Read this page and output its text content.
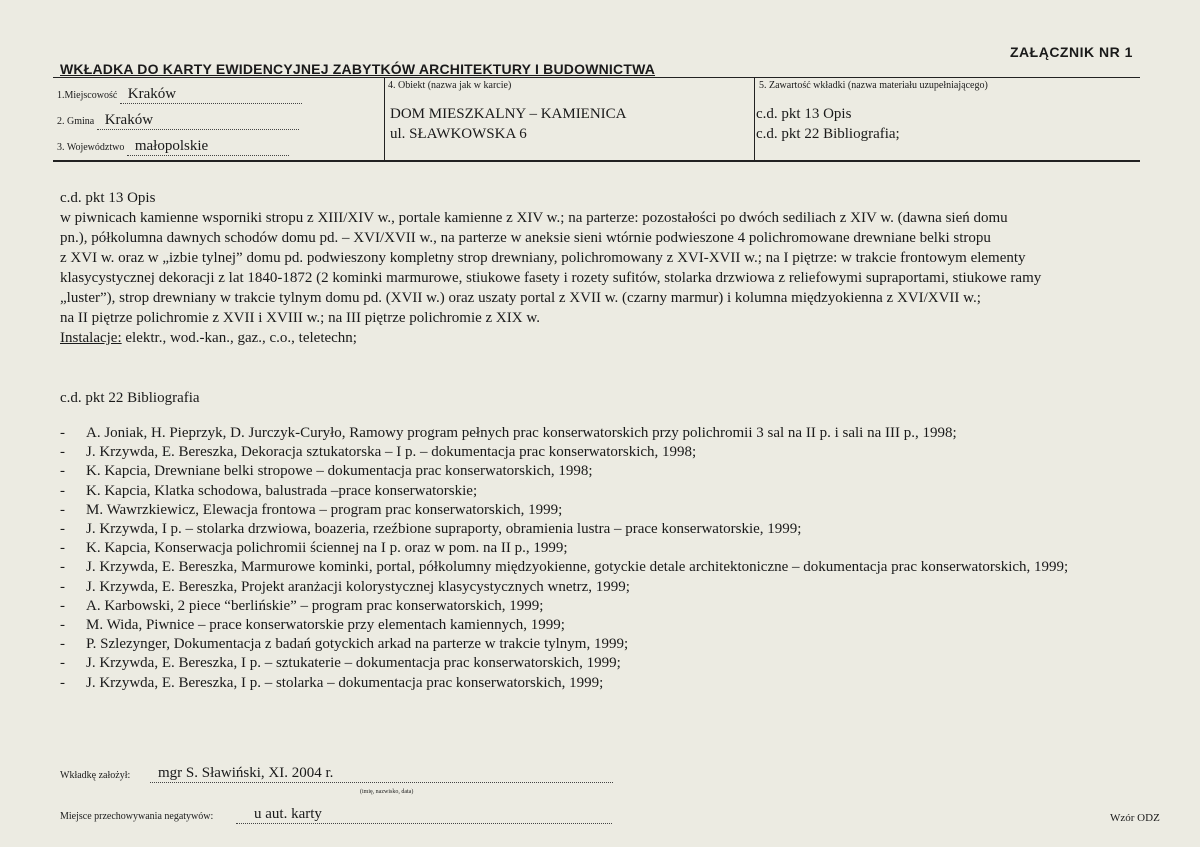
ZAŁĄCZNIK NR 1
WKŁADKA DO KARTY EWIDENCYJNEJ ZABYTKÓW ARCHITEKTURY I BUDOWNICTWA
1.Miejscowość Kraków
2. Gmina Kraków
3. Województwo małopolskie
4. Obiekt (nazwa jak w karcie)
DOM MIESZKALNY – KAMIENICA
ul. SŁAWKOWSKA 6
5. Zawartość wkładki (nazwa materiału uzupełniającego)
c.d. pkt 13 Opis
c.d. pkt 22 Bibliografia;
c.d. pkt 13 Opis
w piwnicach kamienne wsporniki stropu z XIII/XIV w., portale kamienne z XIV w.; na parterze: pozostałości po dwóch sediliach z XIV w. (dawna sień domu
pn.), półkolumna dawnych schodów domu pd. – XVI/XVII w., na parterze w aneksie sieni wtórnie podwieszone 4 polichromowane drewniane belki stropu
z XVI w. oraz w „izbie tylnej” domu pd. podwieszony kompletny strop drewniany, polichromowany z XVI-XVII w.; na I piętrze: w trakcie frontowym elementy
klasycystycznej dekoracji z lat 1840-1872 (2 kominki marmurowe, stiukowe fasety i rozety sufitów, stolarka drzwiowa z reliefowymi supraportami, stiukowe ramy
„luster”), strop drewniany w trakcie tylnym domu pd. (XVII w.) oraz uszaty portal z XVII w. (czarny marmur) i kolumna międzyokienna z XVI/XVII w.;
na II piętrze polichromie z XVII i XVIII w.; na III piętrze polichromie z XIX w.
Instalacje: elektr., wod.-kan., gaz., c.o., teletechn;
c.d. pkt 22 Bibliografia
- A. Joniak, H. Pieprzyk, D. Jurczyk-Curyło, Ramowy program pełnych prac konserwatorskich przy polichromii 3 sal na II p. i sali na III p., 1998;
- J. Krzywda, E. Bereszka, Dekoracja sztukatorska – I p. – dokumentacja prac konserwatorskich, 1998;
- K. Kapcia, Drewniane belki stropowe – dokumentacja prac konserwatorskich, 1998;
- K. Kapcia, Klatka schodowa, balustrada –prace konserwatorskie;
- M. Wawrzkiewicz, Elewacja frontowa – program prac konserwatorskich, 1999;
- J. Krzywda, I p. – stolarka drzwiowa, boazeria, rzeźbione supraporty, obramienia lustra – prace konserwatorskie, 1999;
- K. Kapcia, Konserwacja polichromii ściennej na I p. oraz w pom. na II p., 1999;
- J. Krzywda, E. Bereszka, Marmurowe kominki, portal, półkolumny międzyokienne, gotyckie detale architektoniczne – dokumentacja prac konserwatorskich, 1999;
- J. Krzywda, E. Bereszka, Projekt aranżacji kolorystycznej klasycystycznych wnetrz, 1999;
- A. Karbowski, 2 piece “berlińskie” – program prac konserwatorskich, 1999;
- M. Wida, Piwnice – prace konserwatorskie przy elementach kamiennych, 1999;
- P. Szlezynger, Dokumentacja z badań gotyckich arkad na parterze w trakcie tylnym, 1999;
- J. Krzywda, E. Bereszka, I p. – sztukaterie – dokumentacja prac konserwatorskich, 1999;
- J. Krzywda, E. Bereszka, I p. – stolarka – dokumentacja prac konserwatorskich, 1999;
Wkładkę założył:	mgr S. Sławiński, XI. 2004 r.
(imię, nazwisko, data)
Miejsce przechowywania negatywów:	u aut. karty	Wzór ODZ
